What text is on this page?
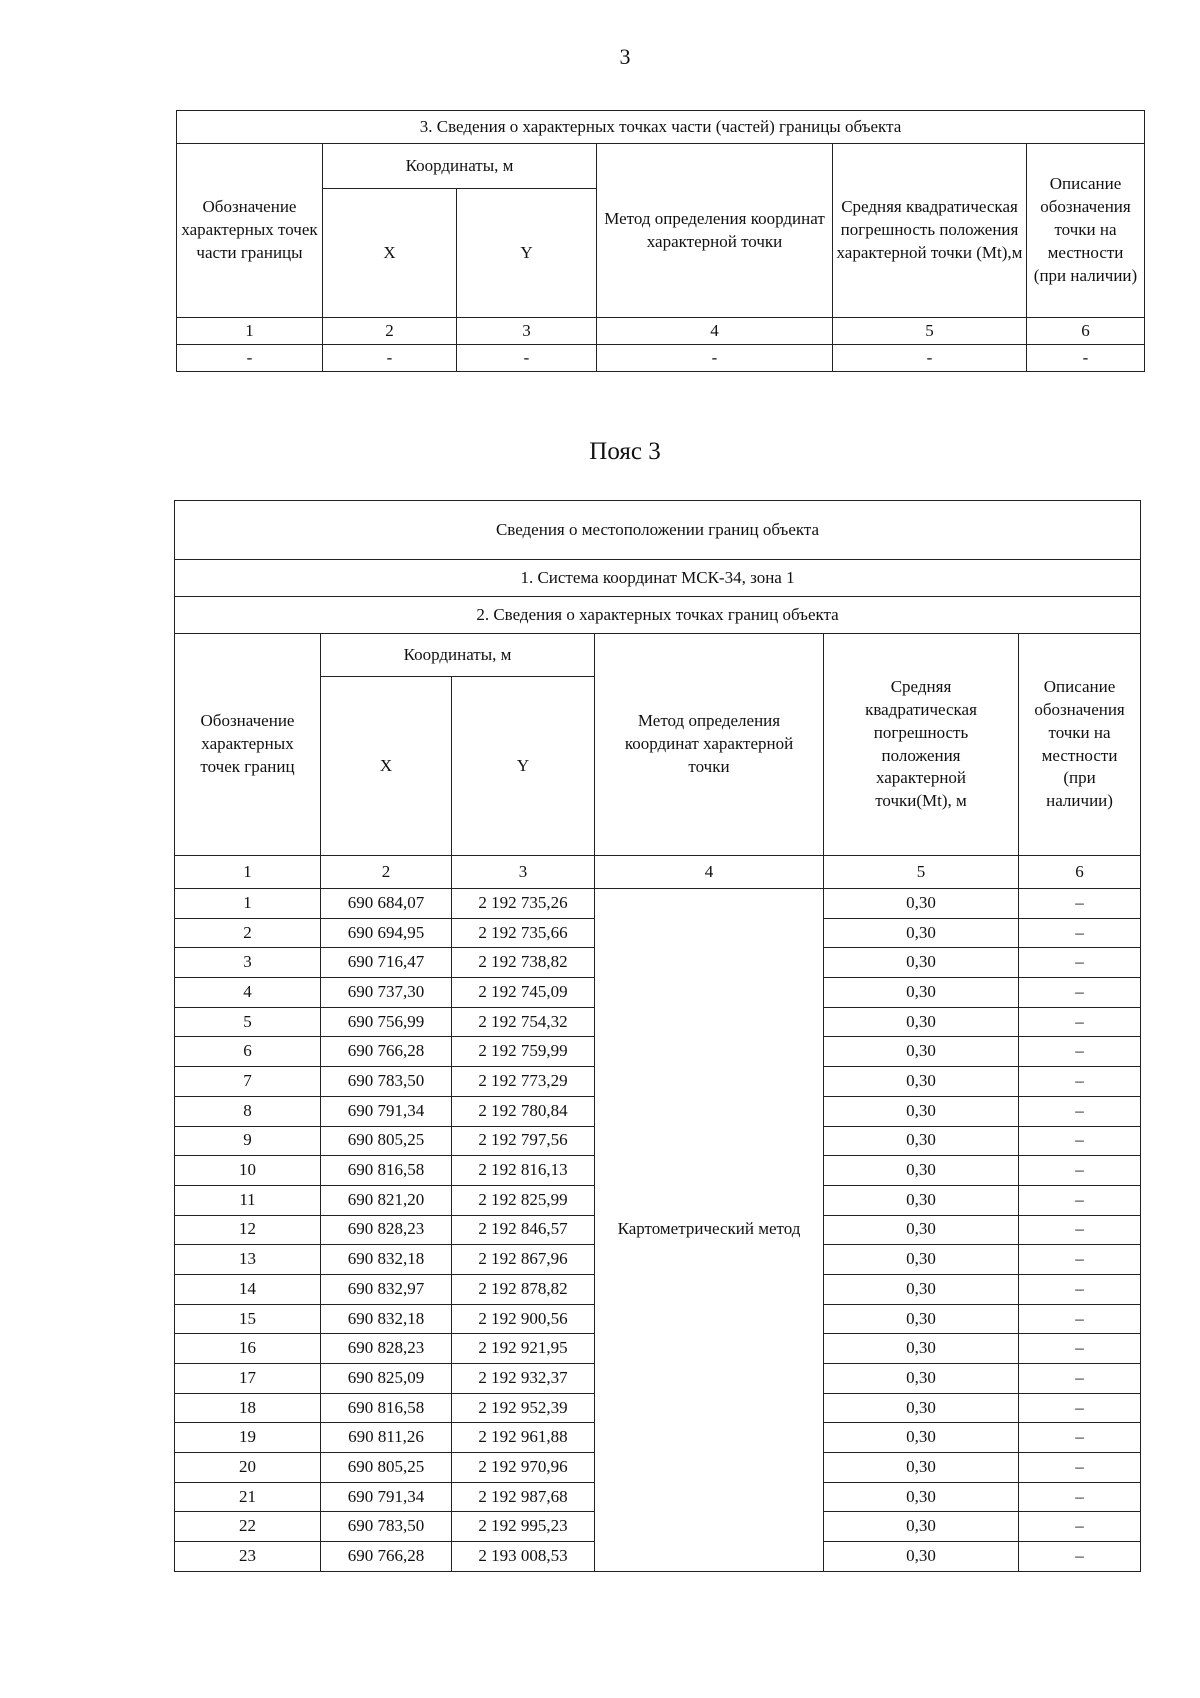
3
3. Сведения о характерных точках части (частей) границы объекта					
Обозначение характерных точек части границы	Координаты, м		Метод определения координат характерной точки	Средняя квадратическая погрешность положения характерной точки (Mt),м	Описание обозначения точки на местности (при наличии)
	X	Y			
1	2	3	4	5	6
-	-	-	-	-	-
Пояс 3
Сведения о местоположении границ объекта					
1. Система координат МСК-34, зона 1					
2. Сведения о характерных точках границ объекта					
Обозначение характерных точек границ	Координаты, м		Метод определения координат характерной точки	Средняя квадратическая погрешность положения характерной точки(Mt), м	Описание обозначения точки на местности (при наличии)
	X	Y			
1	2	3	4	5	6
1	690 684,07	2 192 735,26	Картометрический метод	0,30	–
2	690 694,95	2 192 735,66		0,30	–
3	690 716,47	2 192 738,82		0,30	–
4	690 737,30	2 192 745,09		0,30	–
5	690 756,99	2 192 754,32		0,30	–
6	690 766,28	2 192 759,99		0,30	–
7	690 783,50	2 192 773,29		0,30	–
8	690 791,34	2 192 780,84		0,30	–
9	690 805,25	2 192 797,56		0,30	–
10	690 816,58	2 192 816,13		0,30	–
11	690 821,20	2 192 825,99		0,30	–
12	690 828,23	2 192 846,57		0,30	–
13	690 832,18	2 192 867,96		0,30	–
14	690 832,97	2 192 878,82		0,30	–
15	690 832,18	2 192 900,56		0,30	–
16	690 828,23	2 192 921,95		0,30	–
17	690 825,09	2 192 932,37		0,30	–
18	690 816,58	2 192 952,39		0,30	–
19	690 811,26	2 192 961,88		0,30	–
20	690 805,25	2 192 970,96		0,30	–
21	690 791,34	2 192 987,68		0,30	–
22	690 783,50	2 192 995,23		0,30	–
23	690 766,28	2 193 008,53		0,30	–
